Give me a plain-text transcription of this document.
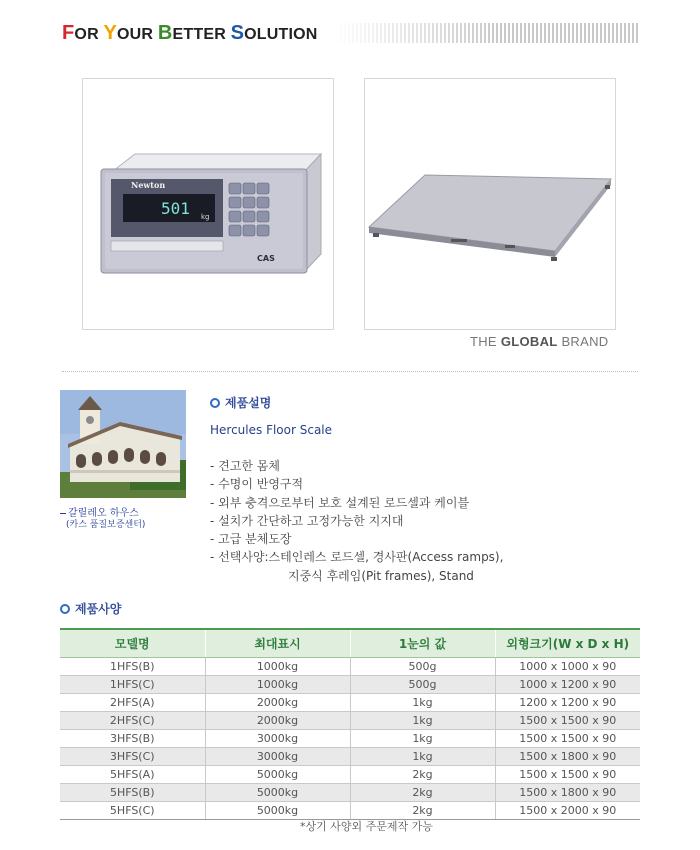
FOR YOUR BETTER SOLUTION
Newton
501 kg
CAS
THE GLOBAL BRAND
갈릴레오 하우스
(카스 품질보증센터)
제품설명
Hercules Floor Scale
- 견고한 몸체
- 수명이 반영구적
- 외부 충격으로부터 보호 설계된 로드셀과 케이블
- 설치가 간단하고 고정가능한 지지대
- 고급 분체도장
- 선택사양:스테인레스 로드셀, 경사판(Access ramps),
지중식 후레임(Pit frames), Stand
제품사양
모델명	최대표시	1눈의 값	외형크기(W x D x H)
1HFS(B)	1000kg	500g	1000 x 1000 x 90
1HFS(C)	1000kg	500g	1000 x 1200 x 90
2HFS(A)	2000kg	1kg	1200 x 1200 x 90
2HFS(C)	2000kg	1kg	1500 x 1500 x 90
3HFS(B)	3000kg	1kg	1500 x 1500 x 90
3HFS(C)	3000kg	1kg	1500 x 1800 x 90
5HFS(A)	5000kg	2kg	1500 x 1500 x 90
5HFS(B)	5000kg	2kg	1500 x 1800 x 90
5HFS(C)	5000kg	2kg	1500 x 2000 x 90
*상기 사양외 주문제작 가능
